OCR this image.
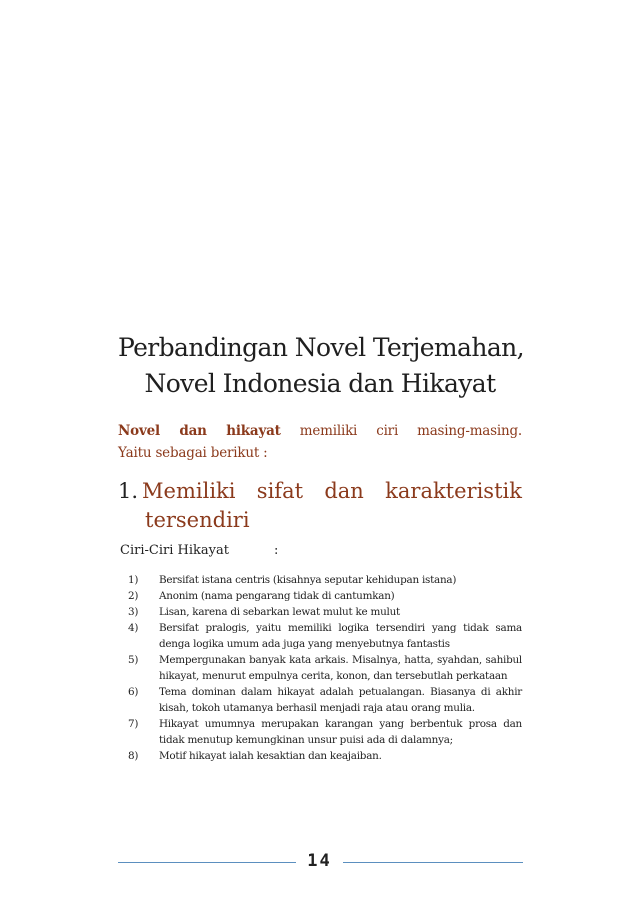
Perbandingan Novel Terjemahan,
Novel Indonesia dan Hikayat
Novel dan hikayat memiliki ciri masing-masing.
Yaitu sebagai berikut :
1. Memiliki sifat dan karakteristik
tersendiri
Ciri-Ciri Hikayat	:
1) Bersifat istana centris (kisahnya seputar kehidupan istana)
2) Anonim (nama pengarang tidak di cantumkan)
3) Lisan, karena di sebarkan lewat mulut ke mulut
4) Bersifat pralogis, yaitu memiliki logika tersendiri yang tidak sama denga logika umum ada juga yang menyebutnya fantastis
5) Mempergunakan banyak kata arkais. Misalnya, hatta, syahdan, sahibul hikayat, menurut empulnya cerita, konon, dan tersebutlah perkataan
6) Tema dominan dalam hikayat adalah petualangan. Biasanya di akhir kisah, tokoh utamanya berhasil menjadi raja atau orang mulia.
7) Hikayat umumnya merupakan karangan yang berbentuk prosa dan tidak menutup kemungkinan unsur puisi ada di dalamnya;
8) Motif hikayat ialah kesaktian dan keajaiban.
14
